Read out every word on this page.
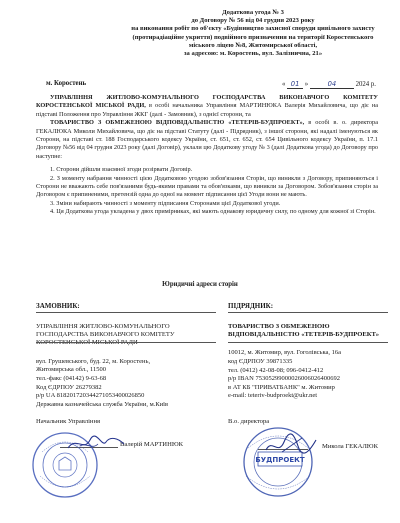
Додаткова угода № 3
до Договору № 56 від 04 грудня 2023 року
на виконання робіт по об'єкту «Будівництво захисної споруди цивільного захисту
(протирадіаційне укриття) подвійного призначення на території Коростенського
міського ліцею №8, Житомирської області,
за адресою: м. Коростень, вул. Залізнична, 21»
м. Коростень	« 01 »	04	2024 р.

УПРАВЛІННЯ ЖИТЛОВО-КОМУНАЛЬНОГО ГОСПОДАРСТВА ВИКОНАВЧОГО КОМІТЕТУ КОРОСТЕНСЬКОЇ МІСЬКОЇ РАДИ, в особі начальника Управління МАРТИНЮКА Валерія Михайловича, що діє на підставі Положення про Управління ЖКГ (далі - Замовник), з однієї сторони, та

ТОВАРИСТВО З ОБМЕЖЕНОЮ ВІДПОВІДАЛЬНІСТЮ «ТЕТЕРІВ-БУДПРОЕКТ», в особі в. о. директора ГЕКАЛЮКА Миколи Михайловича, що діє на підставі Статуту (далі - Підрядник), з іншої сторони, які надалі іменуються як Сторони, на підставі ст. 188 Господарського кодексу України, ст. 651, ст. 652, ст. 654 Цивільного кодексу України, п. 17.1 Договору №56 від 04 грудня 2023 року (далі Договір), уклали цю Додаткову угоду № 3 (далі Додаткова угода) до Договору про наступне:

1. Сторони дійшли взаємної згоди розірвати Договір.

2. З моменту набрання чинності цією Додатковою угодою зобов'язання Сторін, що виникли з Договору, припиняються і Сторони не вважають себе пов'язаними будь-якими правами та обов'язками, що виникли за Договором. Зобов'язання сторін за Договором є припиненими, претензій одна до одної на момент підписання цієї Угоди вони не мають.

3. Зміни набирають чинності з моменту підписання Сторонами цієї Додаткової угоди.

4. Ця Додаткова угода укладена у двох примірниках, які мають однакову юридичну силу, по одному для кожної зі Сторін.

Юридичні адреси сторін
ЗАМОВНИК:
УПРАВЛІННЯ ЖИТЛОВО-КОМУНАЛЬНОГО ГОСПОДАРСТВА ВИКОНАВЧОГО КОМІТЕТУ КОРОСТЕНСЬКОЇ МІСЬКОЇ РАДИ
вул. Грушевського, буд. 22, м. Коростень,
Житомирська обл., 11500
тел.-факс (04142) 9-63-68
Код ЄДРПОУ 26279382
р/р UA 818201720344271053400026850
Державна казначейська служба України, м.Київ
ПІДРЯДНИК:
ТОВАРИСТВО З ОБМЕЖЕНОЮ ВІДПОВІДАЛЬНІСТЮ «ТЕТЕРІВ-БУДПРОЕКТ»
10012, м. Житомир, вул. Гоголівська, 16а
код ЄДРПОУ 39871335
тел. (0412) 42-08-08; 096-0412-412
р/р IBAN 75305299000026006026400692
в АТ КБ "ПРИВАТБАНК" м. Житомир
e-mail: teteriv-budproekt@ukr.net
Начальник Управління
Валерій МАРТИНЮК
В.о. директора
Микола ГЕКАЛЮК
БУДПРОЕКТ
